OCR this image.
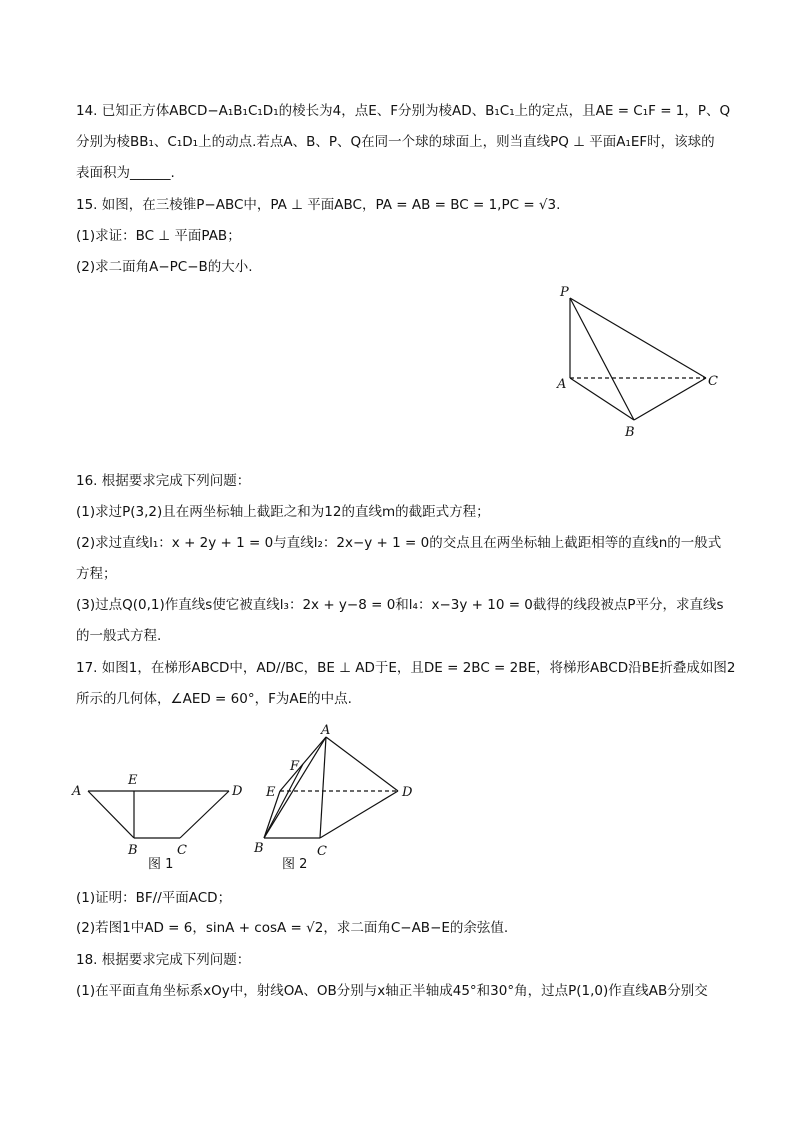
14. 已知正方体ABCD−A₁B₁C₁D₁的棱长为4，点E、F分别为棱AD、B₁C₁上的定点，且AE = C₁F = 1，P、Q
分别为棱BB₁、C₁D₁上的动点.若点A、B、P、Q在同一个球的球面上，则当直线PQ ⊥ 平面A₁EF时，该球的
表面积为______.
15. 如图，在三棱锥P−ABC中，PA ⊥ 平面ABC，PA = AB = BC = 1,PC = √3.
(1)求证：BC ⊥ 平面PAB；
(2)求二面角A−PC−B的大小.
P
A
B
C
16. 根据要求完成下列问题：
(1)求过P(3,2)且在两坐标轴上截距之和为12的直线m的截距式方程；
(2)求过直线l₁：x + 2y + 1 = 0与直线l₂：2x−y + 1 = 0的交点且在两坐标轴上截距相等的直线n的一般式
方程；
(3)过点Q(0,1)作直线s使它被直线l₃：2x + y−8 = 0和l₄：x−3y + 10 = 0截得的线段被点P平分，求直线s
的一般式方程.
17. 如图1，在梯形ABCD中，AD//BC，BE ⊥ AD于E，且DE = 2BC = 2BE，将梯形ABCD沿BE折叠成如图2
所示的几何体，∠AED = 60°，F为AE的中点.
A
E
D
B	C
图 1
A
F
E	D
B	C
图 2
(1)证明：BF//平面ACD；
(2)若图1中AD = 6，sinA + cosA = √2，求二面角C−AB−E的余弦值.
18. 根据要求完成下列问题：
(1)在平面直角坐标系xOy中，射线OA、OB分别与x轴正半轴成45°和30°角，过点P(1,0)作直线AB分别交
